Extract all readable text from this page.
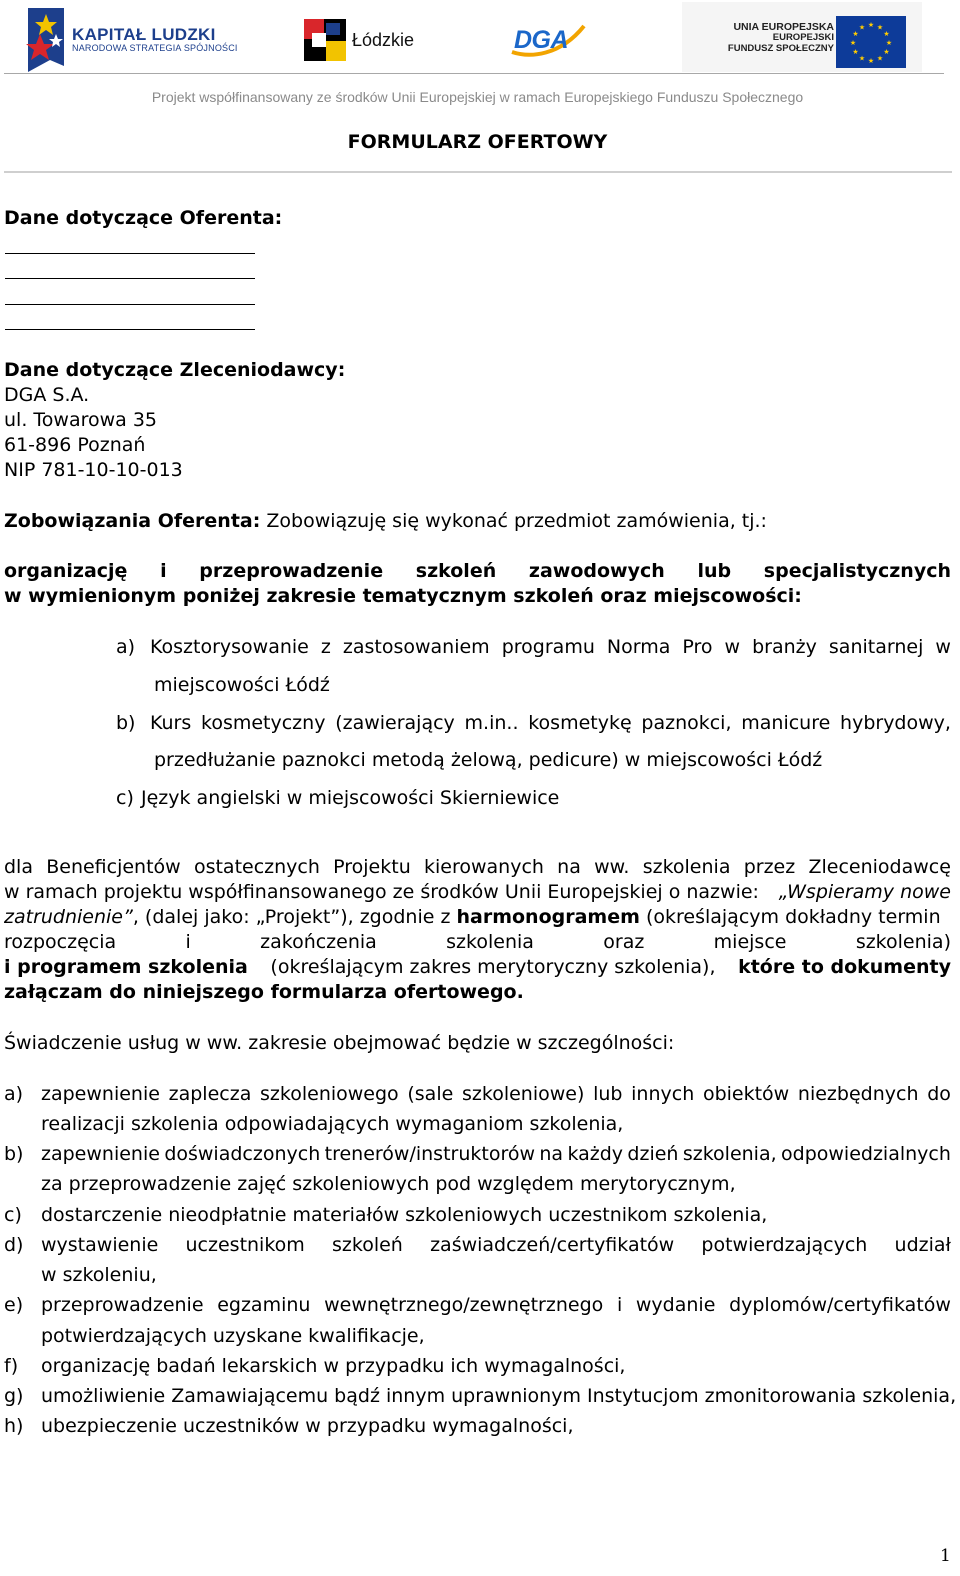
KAPITAŁ LUDZKI
NARODOWA STRATEGIA SPÓJNOŚCI	Łódzkie	DGA	UNIA EUROPEJSKA
EUROPEJSKI
FUNDUSZ SPOŁECZNY
★ ★
★
★
★
★
★
★
★
★
★
★
Projekt współfinansowany ze środków Unii Europejskiej w ramach Europejskiego Funduszu Społecznego
FORMULARZ OFERTOWY
Dane dotyczące Oferenta:
Dane dotyczące Zleceniodawcy:
DGA S.A.
ul. Towarowa 35
61-896 Poznań
NIP 781-10-10-013
Zobowiązania Oferenta: Zobowiązuję się wykonać przedmiot zamówienia, tj.:
organizację i przeprowadzenie szkoleń zawodowych lub specjalistycznych
w wymienionym poniżej zakresie tematycznym szkoleń oraz miejscowości:
a) Kosztorysowanie z zastosowaniem programu Norma Pro w branży sanitarnej w
miejscowości Łódź
b) Kurs kosmetyczny (zawierający m.in.. kosmetykę paznokci, manicure hybrydowy,
przedłużanie paznokci metodą żelową, pedicure) w miejscowości Łódź
c) Język angielski w miejscowości Skierniewice
dla Beneficjentów ostatecznych Projektu kierowanych na ww. szkolenia przez Zleceniodawcę
w ramach projektu współfinansowanego ze środków Unii Europejskiej o nazwie: „Wspieramy nowe
zatrudnienie” , (dalej jako: „Projekt”), zgodnie z harmonogramem (określającym dokładny termin
rozpoczęcia	i	zakończenia	szkolenia	oraz	miejsce	szkolenia)
i programem szkolenia (określającym zakres merytoryczny szkolenia), które to dokumenty
załączam do niniejszego formularza ofertowego.
Świadczenie usług w ww. zakresie obejmować będzie w szczególności:
a) zapewnienie zaplecza szkoleniowego (sale szkoleniowe) lub innych obiektów niezbędnych do
realizacji szkolenia odpowiadających wymaganiom szkolenia,
b) zapewnienie doświadczonych trenerów/instruktorów na każdy dzień szkolenia, odpowiedzialnych
za przeprowadzenie zajęć szkoleniowych pod względem merytorycznym,
c) dostarczenie nieodpłatnie materiałów szkoleniowych uczestnikom szkolenia,
d) wystawienie uczestnikom szkoleń zaświadczeń/certyfikatów potwierdzających udział
w szkoleniu,
e) przeprowadzenie egzaminu wewnętrznego/zewnętrznego i wydanie dyplomów/certyfikatów
potwierdzających uzyskane kwalifikacje,
f) organizację badań lekarskich w przypadku ich wymagalności,
g) umożliwienie Zamawiającemu bądź innym uprawnionym Instytucjom zmonitorowania szkolenia,
h) ubezpieczenie uczestników w przypadku wymagalności,
1
